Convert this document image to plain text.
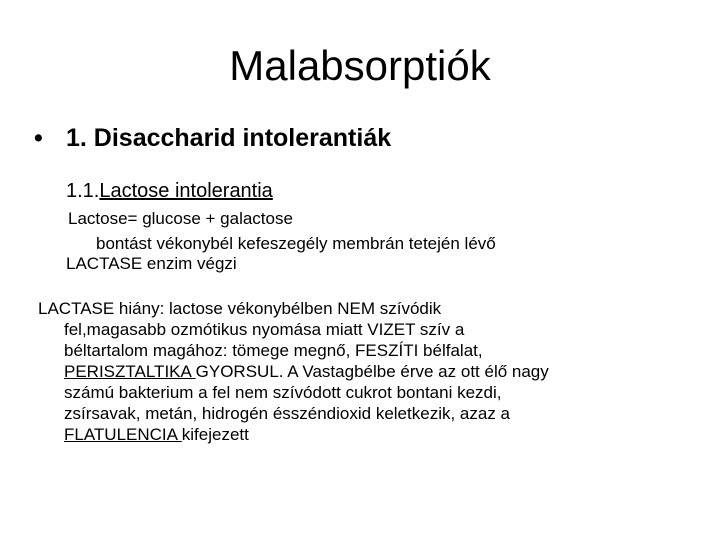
Malabsorptiók
• 1. Disaccharid intolerantiák
1.1.Lactose intolerantia
Lactose= glucose + galactose
bontást vékonybél kefeszegély membrán tetején lévő
LACTASE enzim végzi
LACTASE hiány: lactose vékonybélben NEM szívódik
fel,magasabb ozmótikus nyomása miatt VIZET szív a
béltartalom magához: tömege megnő, FESZÍTI bélfalat,
PERISZTALTIKA GYORSUL. A Vastagbélbe érve az ott élő nagy
számú bakterium a fel nem szívódott cukrot bontani kezdi,
zsírsavak, metán, hidrogén ésszéndioxid keletkezik, azaz a
FLATULENCIA kifejezett
